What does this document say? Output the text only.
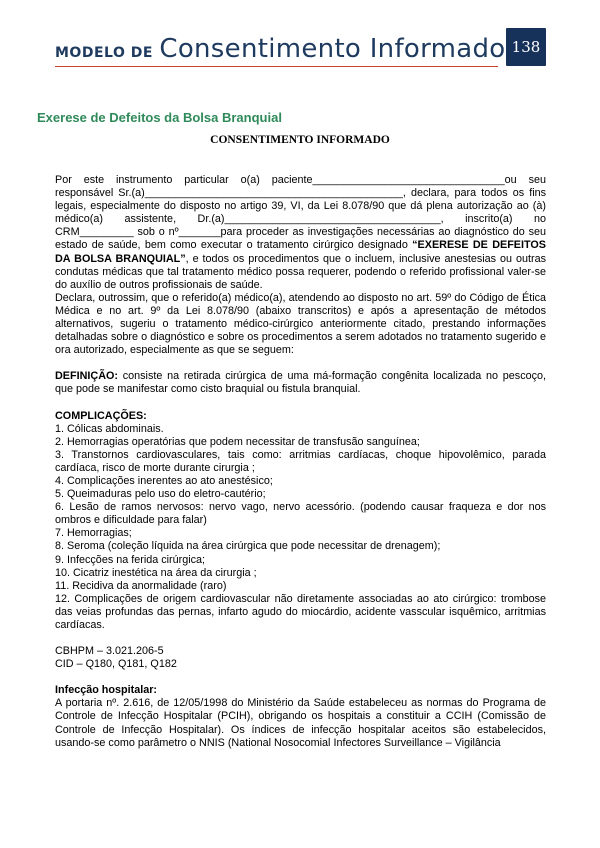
MODELO DE Consentimento Informado 138
Exerese de Defeitos da Bolsa Branquial
CONSENTIMENTO INFORMADO

Por este instrumento particular o(a) paciente________________________________ou seu responsável Sr.(a)___________________________________________, declara, para todos os fins legais, especialmente do disposto no artigo 39, VI, da Lei 8.078/90 que dá plena autorização ao (à) médico(a) assistente, Dr.(a)____________________________________, inscrito(a) no CRM_________ sob o nº_______para proceder as investigações necessárias ao diagnóstico do seu estado de saúde, bem como executar o tratamento cirúrgico designado “EXERESE DE DEFEITOS DA BOLSA BRANQUIAL”, e todos os procedimentos que o incluem, inclusive anestesias ou outras condutas médicas que tal tratamento médico possa requerer, podendo o referido profissional valer-se do auxílio de outros profissionais de saúde.

Declara, outrossim, que o referido(a) médico(a), atendendo ao disposto no art. 59º do Código de Ética Médica e no art. 9º da Lei 8.078/90 (abaixo transcritos) e após a apresentação de métodos alternativos, sugeriu o tratamento médico-cirúrgico anteriormente citado, prestando informações detalhadas sobre o diagnóstico e sobre os procedimentos a serem adotados no tratamento sugerido e ora autorizado, especialmente as que se seguem:

DEFINIÇÃO: consiste na retirada cirúrgica de uma má-formação congênita localizada no pescoço, que pode se manifestar como cisto braquial ou fistula branquial.

COMPLICAÇÕES:

1. Cólicas abdominais.

2. Hemorragias operatórias que podem necessitar de transfusão sanguínea;

3. Transtornos cardiovasculares, tais como: arritmias cardíacas, choque hipovolêmico, parada cardíaca, risco de morte durante cirurgia ;

4. Complicações inerentes ao ato anestésico;

5. Queimaduras pelo uso do eletro-cautério;

6. Lesão de ramos nervosos: nervo vago, nervo acessório. (podendo causar fraqueza e dor nos ombros e dificuldade para falar)

7. Hemorragias;

8. Seroma (coleção líquida na área cirúrgica que pode necessitar de drenagem);

9. Infecções na ferida cirúrgica;

10. Cicatriz inestética na área da cirurgia ;

11. Recidiva da anormalidade (raro)

12. Complicações de origem cardiovascular não diretamente associadas ao ato cirúrgico: trombose das veias profundas das pernas, infarto agudo do miocárdio, acidente vasscular isquêmico, arritmias cardíacas.

CBHPM – 3.021.206-5

CID – Q180, Q181, Q182

Infecção hospitalar:

A portaria nº. 2.616, de 12/05/1998 do Ministério da Saúde estabeleceu as normas do Programa de Controle de Infecção Hospitalar (PCIH), obrigando os hospitais a constituir a CCIH (Comissão de Controle de Infecção Hospitalar). Os índices de infecção hospitalar aceitos são estabelecidos, usando-se como parâmetro o NNIS (National Nosocomial Infectores Surveillance – Vigilância
